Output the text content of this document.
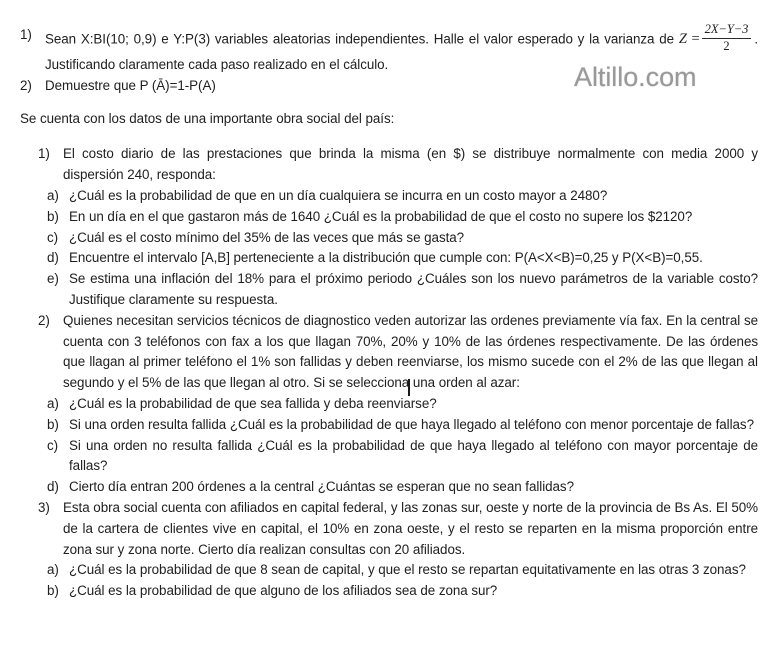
Altillo.com
1) Sean X:BI(10; 0,9) e Y:P(3) variables aleatorias independientes. Halle el valor esperado y la varianza de $Z = \frac{2X-Y-3}{2}$ . Justificando claramente cada paso realizado en el cálculo.
2) Demuestre que P (Ā)=1-P(A)
Se cuenta con los datos de una importante obra social del país:
1) El costo diario de las prestaciones que brinda la misma (en $) se distribuye normalmente con media 2000 y dispersión 240, responda:
a) ¿Cuál es la probabilidad de que en un día cualquiera se incurra en un costo mayor a 2480?
b) En un día en el que gastaron más de 1640 ¿Cuál es la probabilidad de que el costo no supere los $2120?
c) ¿Cuál es el costo mínimo del 35% de las veces que más se gasta?
d) Encuentre el intervalo [A,B] perteneciente a la distribución que cumple con: P(A<X<B)=0,25 y P(X<B)=0,55.
e) Se estima una inflación del 18% para el próximo periodo ¿Cuáles son los nuevo parámetros de la variable costo? Justifique claramente su respuesta.
2) Quienes necesitan servicios técnicos de diagnostico veden autorizar las ordenes previamente vía fax. En la central se cuenta con 3 teléfonos con fax a los que llagan 70%, 20% y 10% de las órdenes respectivamente. De las órdenes que llagan al primer teléfono el 1% son fallidas y deben reenviarse, los mismo sucede con el 2% de las que llegan al segundo y el 5% de las que llegan al otro. Si se selecciona una orden al azar:
a) ¿Cuál es la probabilidad de que sea fallida y deba reenviarse?
b) Si una orden resulta fallida ¿Cuál es la probabilidad de que haya llegado al teléfono con menor porcentaje de fallas?
c) Si una orden no resulta fallida ¿Cuál es la probabilidad de que haya llegado al teléfono con mayor porcentaje de fallas?
d) Cierto día entran 200 órdenes a la central ¿Cuántas se esperan que no sean fallidas?
3) Esta obra social cuenta con afiliados en capital federal, y las zonas sur, oeste y norte de la provincia de Bs As. El 50% de la cartera de clientes vive en capital, el 10% en zona oeste, y el resto se reparten en la misma proporción entre zona sur y zona norte. Cierto día realizan consultas con 20 afiliados.
a) ¿Cuál es la probabilidad de que 8 sean de capital, y que el resto se repartan equitativamente en las otras 3 zonas?
b) ¿Cuál es la probabilidad de que alguno de los afiliados sea de zona sur?
